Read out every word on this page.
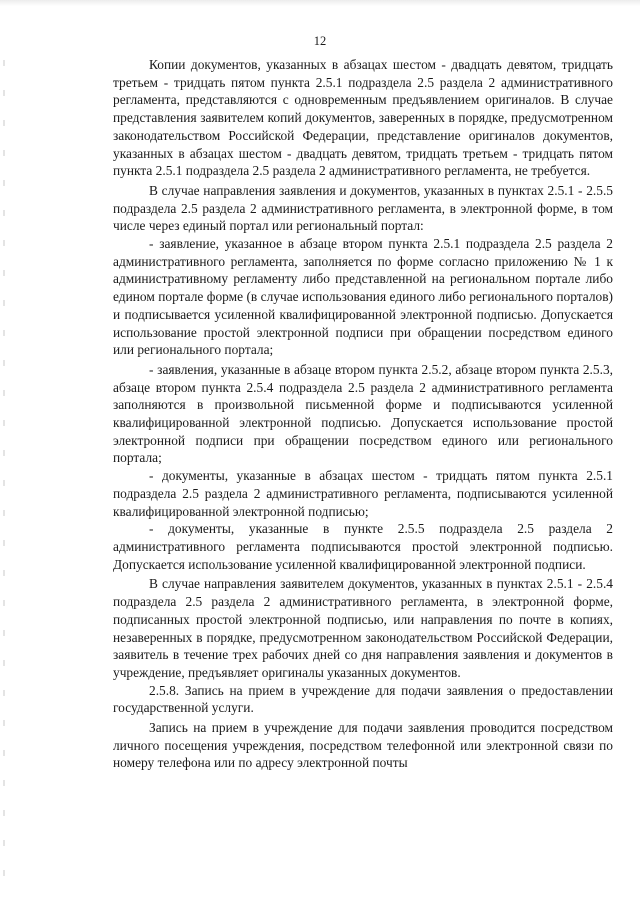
12

Копии документов, указанных в абзацах шестом - двадцать девятом, тридцать третьем - тридцать пятом пункта 2.5.1 подраздела 2.5 раздела 2 административного регламента, представляются с одновременным предъявлением оригиналов. В случае представления заявителем копий документов, заверенных в порядке, предусмотренном законодательством Российской Федерации, представление оригиналов документов, указанных в абзацах шестом - двадцать девятом, тридцать третьем - тридцать пятом пункта 2.5.1 подраздела 2.5 раздела 2 административного регламента, не требуется.

В случае направления заявления и документов, указанных в пунктах 2.5.1 - 2.5.5 подраздела 2.5 раздела 2 административного регламента, в электронной форме, в том числе через единый портал или региональный портал:

- заявление, указанное в абзаце втором пункта 2.5.1 подраздела 2.5 раздела 2 административного регламента, заполняется по форме согласно приложению № 1 к административному регламенту либо представленной на региональном портале либо едином портале форме (в случае использования единого либо регионального порталов) и подписывается усиленной квалифицированной электронной подписью. Допускается использование простой электронной подписи при обращении посредством единого или регионального портала;

- заявления, указанные в абзаце втором пункта 2.5.2, абзаце втором пункта 2.5.3, абзаце втором пункта 2.5.4 подраздела 2.5 раздела 2 административного регламента заполняются в произвольной письменной форме и подписываются усиленной квалифицированной электронной подписью. Допускается использование простой электронной подписи при обращении посредством единого или регионального портала;

- документы, указанные в абзацах шестом - тридцать пятом пункта 2.5.1 подраздела 2.5 раздела 2 административного регламента, подписываются усиленной квалифицированной электронной подписью;

- документы, указанные в пункте 2.5.5 подраздела 2.5 раздела 2 административного регламента подписываются простой электронной подписью. Допускается использование усиленной квалифицированной электронной подписи.

В случае направления заявителем документов, указанных в пунктах 2.5.1 - 2.5.4 подраздела 2.5 раздела 2 административного регламента, в электронной форме, подписанных простой электронной подписью, или направления по почте в копиях, незаверенных в порядке, предусмотренном законодательством Российской Федерации, заявитель в течение трех рабочих дней со дня направления заявления и документов в учреждение, предъявляет оригиналы указанных документов.

2.5.8. Запись на прием в учреждение для подачи заявления о предоставлении государственной услуги.

Запись на прием в учреждение для подачи заявления проводится посредством личного посещения учреждения, посредством телефонной или электронной связи по номеру телефона или по адресу электронной почты
